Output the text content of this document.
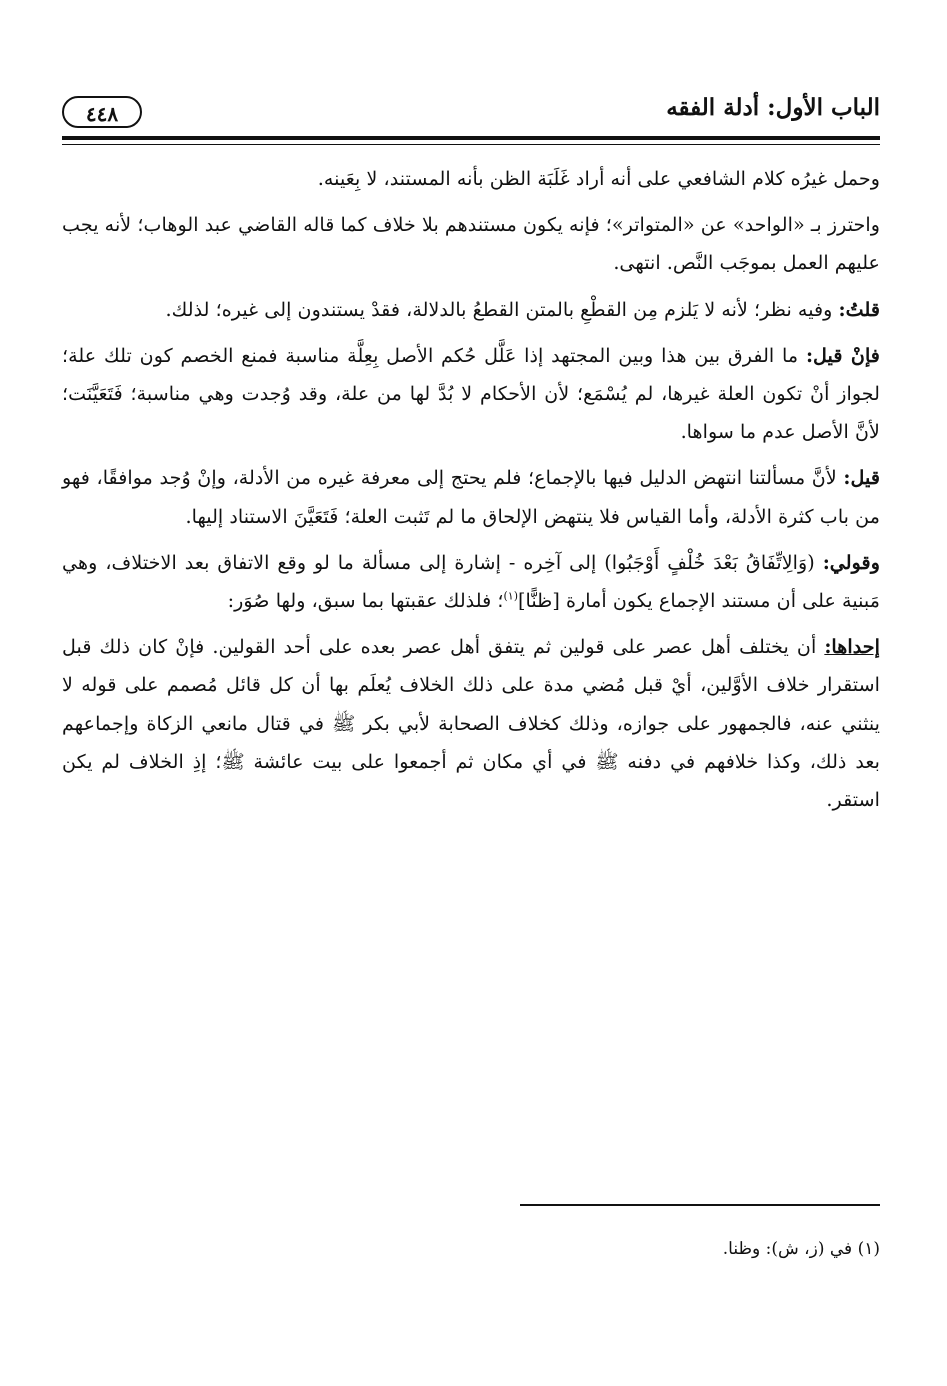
الباب الأول: أدلة الفقه
٤٤٨

وحمل غيرُه كلام الشافعي على أنه أراد غَلَبَة الظن بأنه المستند، لا بِعَينه.

واحترز بـ «الواحد» عن «المتواتر»؛ فإنه يكون مستندهم بلا خلاف كما قاله القاضي عبد الوهاب؛ لأنه يجب عليهم العمل بموجَب النَّص. انتهى.

قلتُ: وفيه نظر؛ لأنه لا يَلزم مِن القطْعِ بالمتن القطعُ بالدلالة، فقدْ يستندون إلى غيره؛ لذلك.

فإنْ قيل: ما الفرق بين هذا وبين المجتهد إذا عَلَّل حُكم الأصل بِعِلَّة مناسبة فمنع الخصم كون تلك علة؛ لجواز أنْ تكون العلة غيرها، لم يُسْمَع؛ لأن الأحكام لا بُدَّ لها من علة، وقد وُجدت وهي مناسبة؛ فَتَعَيَّنَت؛ لأنَّ الأصل عدم ما سواها.

قيل: لأنَّ مسألتنا انتهض الدليل فيها بالإجماع؛ فلم يحتج إلى معرفة غيره من الأدلة، وإنْ وُجد موافقًا، فهو من باب كثرة الأدلة، وأما القياس فلا ينتهض الإلحاق ما لم تَثبت العلة؛ فَتَعَيَّنَ الاستناد إليها.

وقولي: (وَالِاتِّفَاقُ بَعْدَ خُلْفٍ أَوْجَبُوا) إلى آخِره - إشارة إلى مسألة ما لو وقع الاتفاق بعد الاختلاف، وهي مَبنية على أن مستند الإجماع يكون أمارة [ظنًّا]$^{(١)}$؛ فلذلك عقبتها بما سبق، ولها صُوَر:

إحداها: أن يختلف أهل عصر على قولين ثم يتفق أهل عصر بعده على أحد القولين. فإنْ كان ذلك قبل استقرار خلاف الأوَّلين، أيْ قبل مُضي مدة على ذلك الخلاف يُعلَم بها أن كل قائل مُصمم على قوله لا ينثني عنه، فالجمهور على جوازه، وذلك كخلاف الصحابة لأبي بكر ﷺ في قتال مانعي الزكاة وإجماعهم بعد ذلك، وكذا خلافهم في دفنه ﷺ في أي مكان ثم أجمعوا على بيت عائشة ﷺ؛ إذِ الخلاف لم يكن استقر.

(١) في (ز، ش): وظنا.
